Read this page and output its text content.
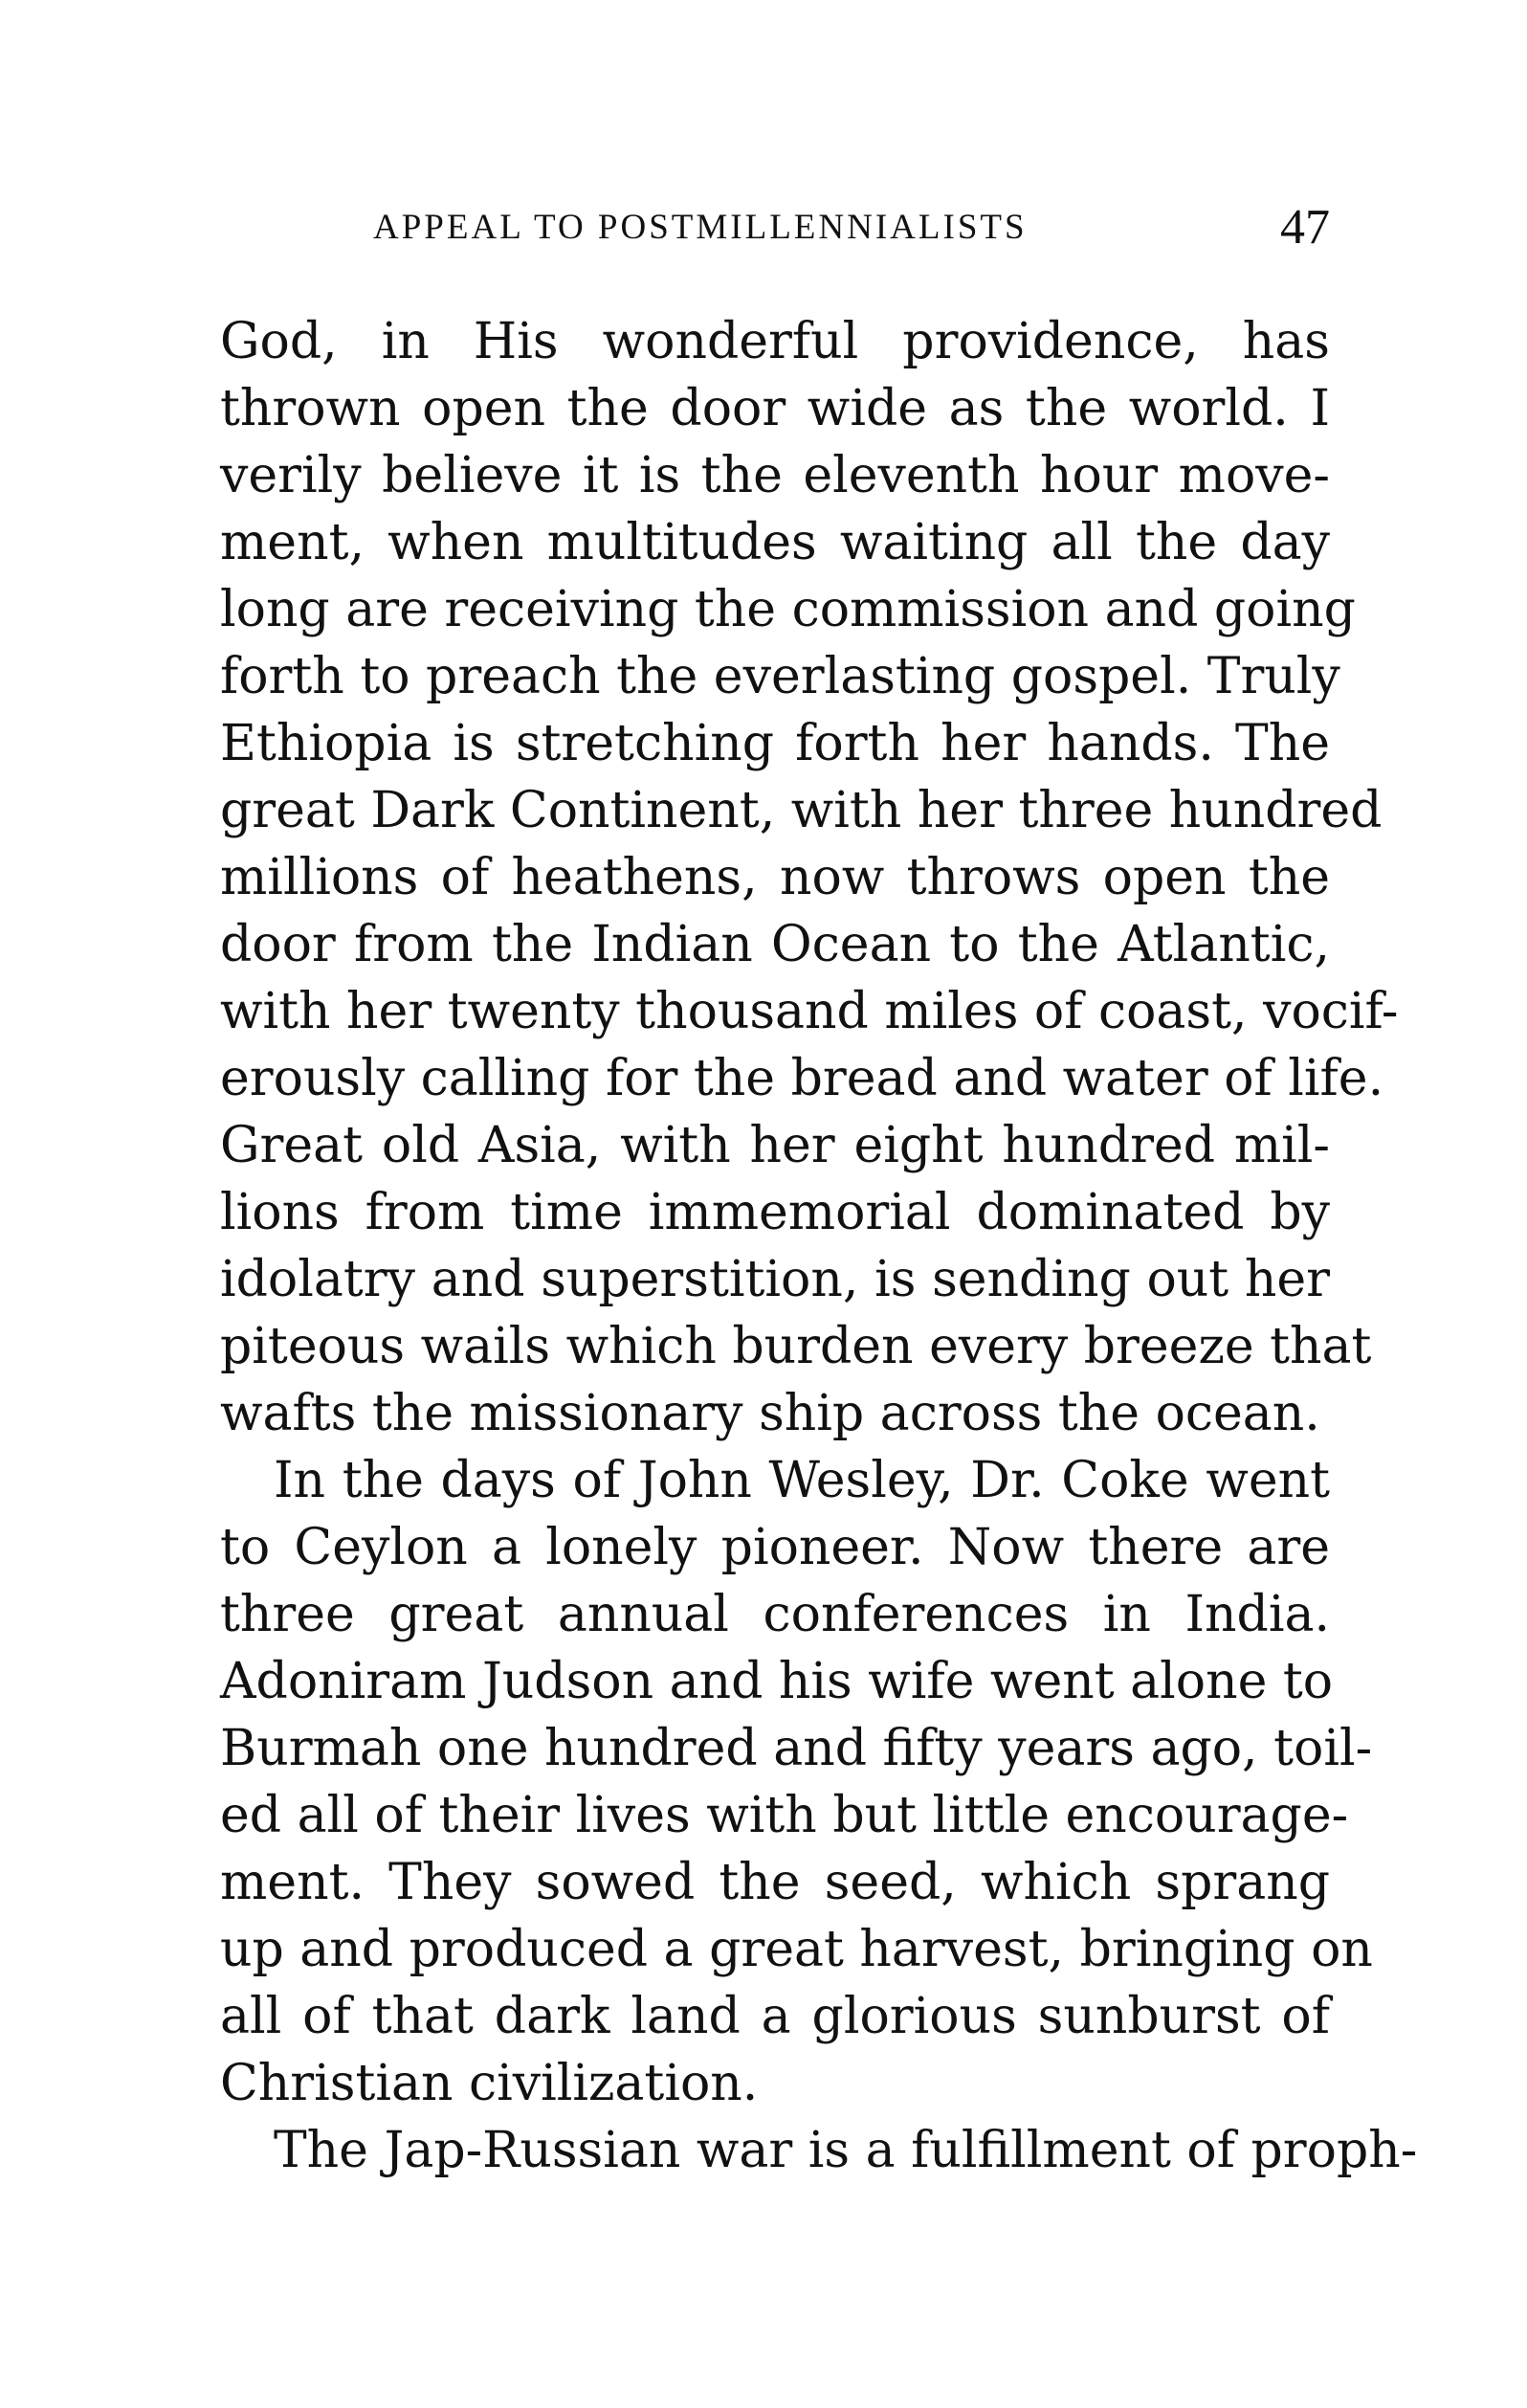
APPEAL TO POSTMILLENNIALISTS	47
God, in His wonderful providence, has
thrown open the door wide as the world. I
verily believe it is the eleventh hour move-
ment, when multitudes waiting all the day
long are receiving the commission and going
forth to preach the everlasting gospel. Truly
Ethiopia is stretching forth her hands. The
great Dark Continent, with her three hundred
millions of heathens, now throws open the
door from the Indian Ocean to the Atlantic,
with her twenty thousand miles of coast, vocif-
erously calling for the bread and water of life.
Great old Asia, with her eight hundred mil-
lions from time immemorial dominated by
idolatry and superstition, is sending out her
piteous wails which burden every breeze that
wafts the missionary ship across the ocean.
In the days of John Wesley, Dr. Coke went
to Ceylon a lonely pioneer. Now there are
three great annual conferences in India.
Adoniram Judson and his wife went alone to
Burmah one hundred and fifty years ago, toil-
ed all of their lives with but little encourage-
ment. They sowed the seed, which sprang
up and produced a great harvest, bringing on
all of that dark land a glorious sunburst of
Christian civilization.
The Jap-Russian war is a fulfillment of proph-
